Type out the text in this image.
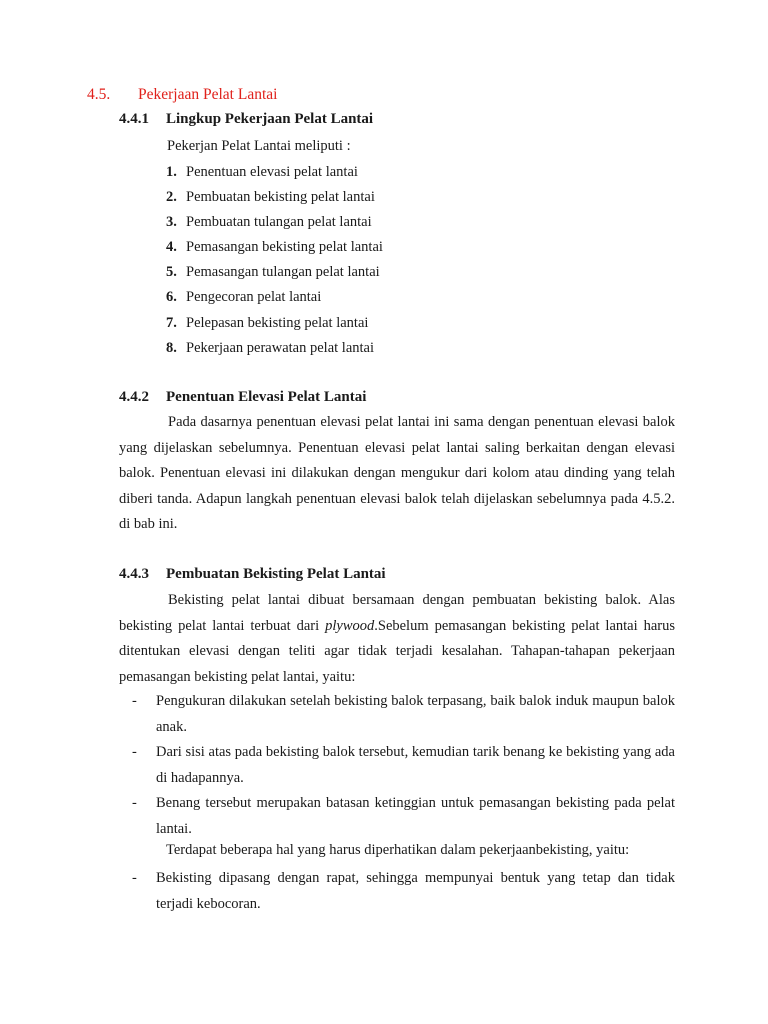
4.5. Pekerjaan Pelat Lantai
4.4.1 Lingkup Pekerjaan Pelat Lantai
Pekerjan Pelat Lantai meliputi :
1. Penentuan elevasi pelat lantai
2. Pembuatan bekisting pelat lantai
3. Pembuatan tulangan pelat lantai
4. Pemasangan bekisting pelat lantai
5. Pemasangan tulangan pelat lantai
6. Pengecoran pelat lantai
7. Pelepasan bekisting pelat lantai
8. Pekerjaan perawatan pelat lantai
4.4.2 Penentuan Elevasi Pelat Lantai

Pada dasarnya penentuan elevasi pelat lantai ini sama dengan penentuan elevasi balok yang dijelaskan sebelumnya. Penentuan elevasi pelat lantai saling berkaitan dengan elevasi balok. Penentuan elevasi ini dilakukan dengan mengukur dari kolom atau dinding yang telah diberi tanda. Adapun langkah penentuan elevasi balok telah dijelaskan sebelumnya pada 4.5.2. di bab ini.

4.4.3 Pembuatan Bekisting Pelat Lantai

Bekisting pelat lantai dibuat bersamaan dengan pembuatan bekisting balok. Alas bekisting pelat lantai terbuat dari plywood.Sebelum pemasangan bekisting pelat lantai harus ditentukan elevasi dengan teliti agar tidak terjadi kesalahan. Tahapan-tahapan pekerjaan pemasangan bekisting pelat lantai, yaitu:

- Pengukuran dilakukan setelah bekisting balok terpasang, baik balok induk maupun balok anak.
- Dari sisi atas pada bekisting balok tersebut, kemudian tarik benang ke bekisting yang ada di hadapannya.
- Benang tersebut merupakan batasan ketinggian untuk pemasangan bekisting pada pelat lantai.
Terdapat beberapa hal yang harus diperhatikan dalam pekerjaanbekisting, yaitu:
- Bekisting dipasang dengan rapat, sehingga mempunyai bentuk yang tetap dan tidak terjadi kebocoran.
